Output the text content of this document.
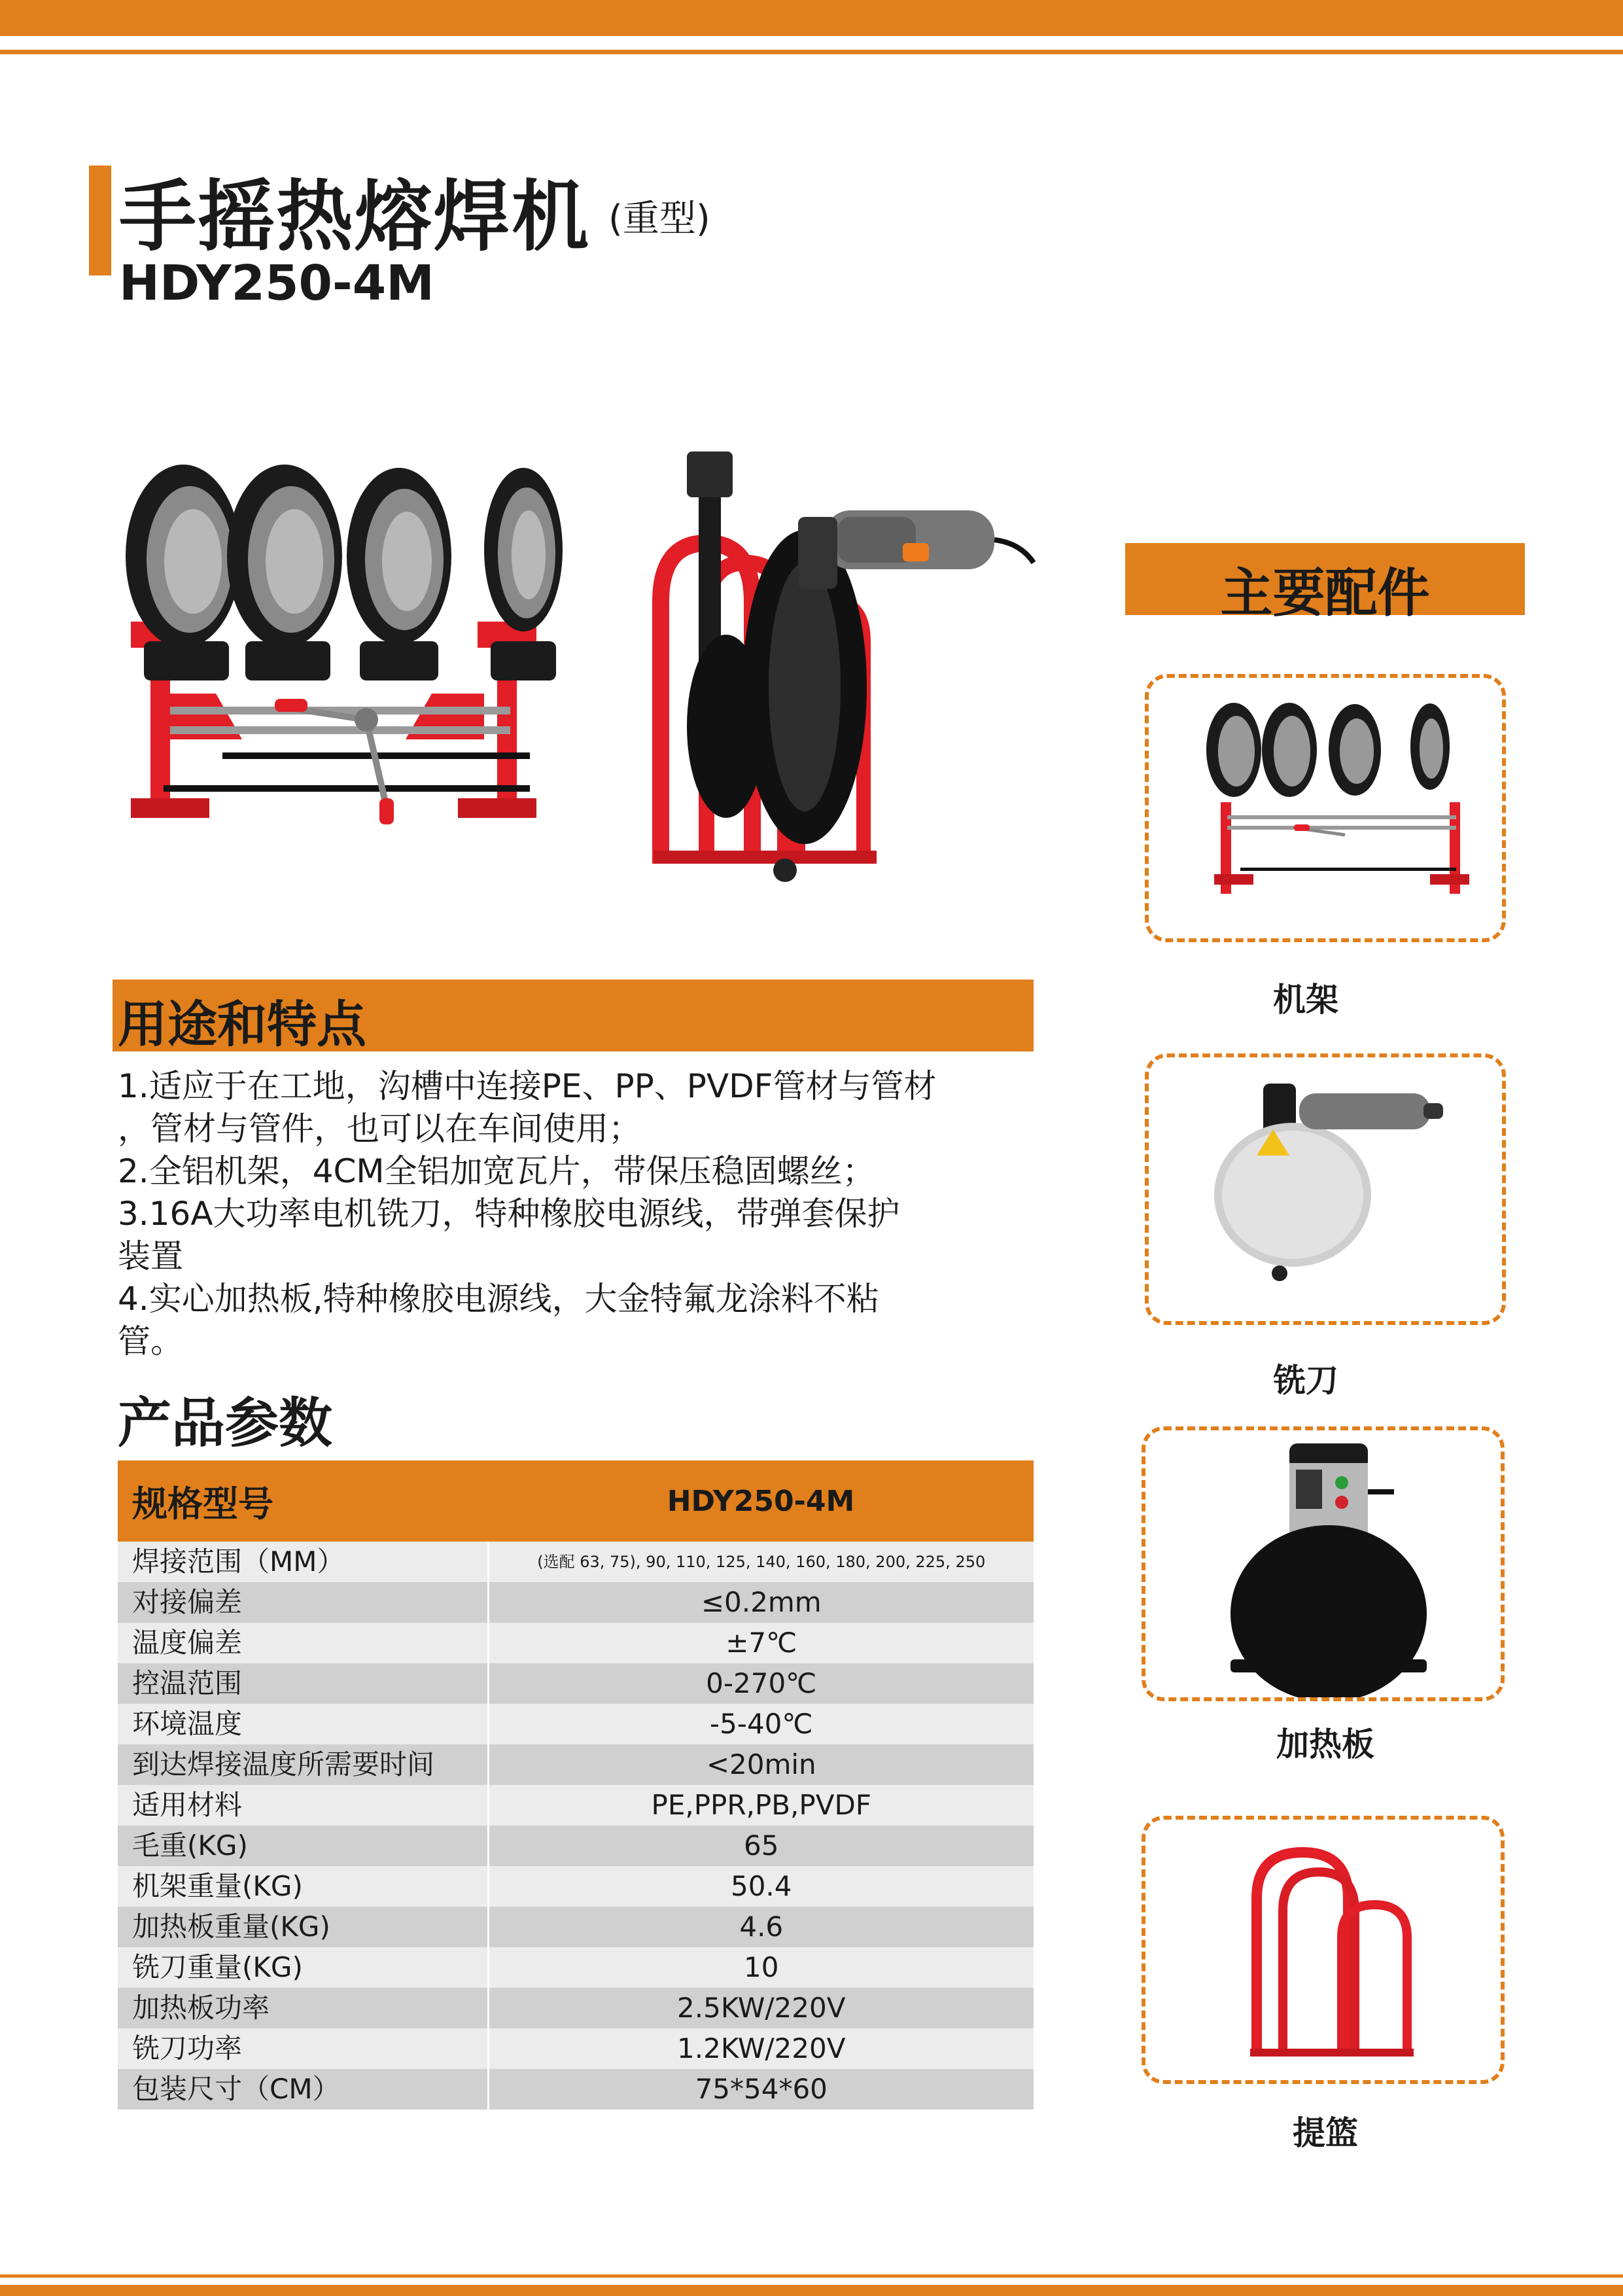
手摇热熔焊机 (重型)
HDY250-4M
用途和特点
1.适应于在工地，沟槽中连接PE、PP、PVDF管材与管材
，管材与管件，也可以在车间使用；
2.全铝机架，4CM全铝加宽瓦片，带保压稳固螺丝；
3.16A大功率电机铣刀，特种橡胶电源线，带弹套保护
装置
4.实心加热板,特种橡胶电源线，大金特氟龙涂料不粘
管。
产品参数
规格型号	HDY250-4M
焊接范围（MM）	(选配 63, 75), 90, 110, 125, 140, 160, 180, 200, 225, 250
对接偏差	≤0.2mm
温度偏差	±7℃
控温范围	0-270℃
环境温度	-5-40℃
到达焊接温度所需要时间	<20min
适用材料	PE,PPR,PB,PVDF
毛重(KG)	65
机架重量(KG)	50.4
加热板重量(KG)	4.6
铣刀重量(KG)	10
加热板功率	2.5KW/220V
铣刀功率	1.2KW/220V
包装尺寸（CM）	75*54*60
主要配件
机架
铣刀
加热板
提篮
